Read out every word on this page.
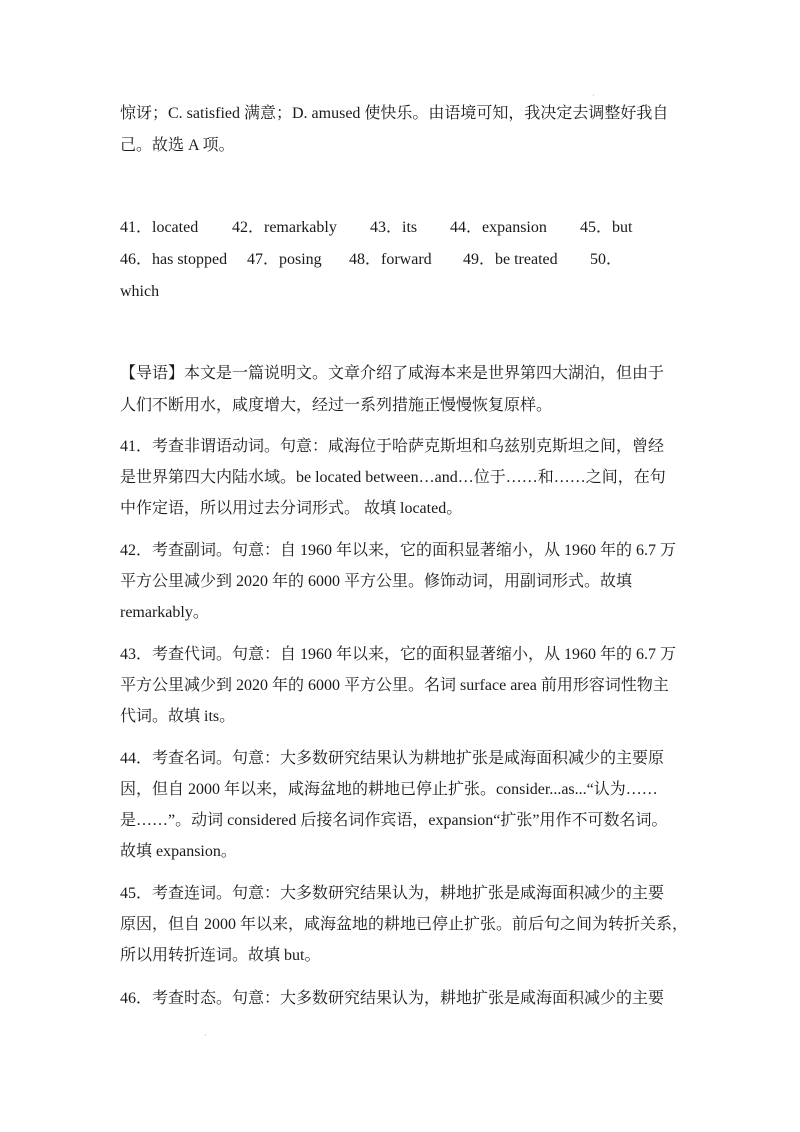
·
惊讶；C. satisfied 满意；D. amused 使快乐。由语境可知，我决定去调整好我自
己。故选 A 项。
41．located 42．remarkably 43．its 44．expansion 45．but
46．has stopped 47．posing 48．forward 49．be treated 50．
which
【导语】本文是一篇说明文。文章介绍了咸海本来是世界第四大湖泊，但由于
人们不断用水，咸度增大，经过一系列措施正慢慢恢复原样。
41．考查非谓语动词。句意：咸海位于哈萨克斯坦和乌兹别克斯坦之间，曾经
是世界第四大内陆水域。be located between…and…位于……和……之间，在句
中作定语，所以用过去分词形式。 故填 located。
42．考查副词。句意：自 1960 年以来，它的面积显著缩小，从 1960 年的 6.7 万
平方公里减少到 2020 年的 6000 平方公里。修饰动词，用副词形式。故填
remarkably。
43．考查代词。句意：自 1960 年以来，它的面积显著缩小，从 1960 年的 6.7 万
平方公里减少到 2020 年的 6000 平方公里。名词 surface area 前用形容词性物主
代词。故填 its。
44．考查名词。句意：大多数研究结果认为耕地扩张是咸海面积减少的主要原
因，但自 2000 年以来，咸海盆地的耕地已停止扩张。consider...as...“认为……
是……”。动词 considered 后接名词作宾语，expansion“扩张”用作不可数名词。
故填 expansion。
45．考查连词。句意：大多数研究结果认为，耕地扩张是咸海面积减少的主要
原因，但自 2000 年以来，咸海盆地的耕地已停止扩张。前后句之间为转折关系，
所以用转折连词。故填 but。
46．考查时态。句意：大多数研究结果认为，耕地扩张是咸海面积减少的主要
·
